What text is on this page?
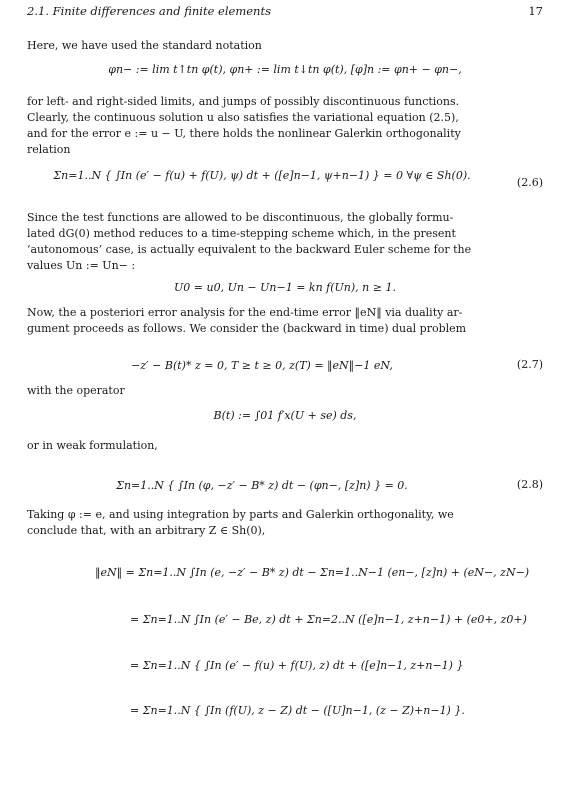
2.1. Finite differences and finite elements	17
Here, we have used the standard notation
φn− := lim t↑tn φ(t), φn+ := lim t↓tn φ(t), [φ]n := φn+ − φn−,
for left- and right-sided limits, and jumps of possibly discontinuous functions.
Clearly, the continuous solution u also satisfies the variational equation (2.5),
and for the error e := u − U, there holds the nonlinear Galerkin orthogonality
relation
Σn=1..N { ∫In (e′ − f(u) + f(U), ψ) dt + ([e]n−1, ψ+n−1) } = 0 ∀ψ ∈ Sh(0).
(2.6)
Since the test functions are allowed to be discontinuous, the globally formu-
lated dG(0) method reduces to a time-stepping scheme which, in the present
‘autonomous’ case, is actually equivalent to the backward Euler scheme for the
values Un := Un− :
U0 = u0, Un − Un−1 = kn f(Un), n ≥ 1.
Now, the a posteriori error analysis for the end-time error ‖eN‖ via duality ar-
gument proceeds as follows. We consider the (backward in time) dual problem
−z′ − B(t)* z = 0, T ≥ t ≥ 0, z(T) = ‖eN‖−1 eN,	(2.7)
with the operator
B(t) := ∫01 f′x(U + se) ds,
or in weak formulation,
Σn=1..N { ∫In (φ, −z′ − B* z) dt − (φn−, [z]n) } = 0.	(2.8)
Taking φ := e, and using integration by parts and Galerkin orthogonality, we
conclude that, with an arbitrary Z ∈ Sh(0),
‖eN‖ = Σn=1..N ∫In (e, −z′ − B* z) dt − Σn=1..N−1 (en−, [z]n) + (eN−, zN−)
= Σn=1..N ∫In (e′ − Be, z) dt + Σn=2..N ([e]n−1, z+n−1) + (e0+, z0+)
= Σn=1..N { ∫In (e′ − f(u) + f(U), z) dt + ([e]n−1, z+n−1) }
= Σn=1..N { ∫In (f(U), z − Z) dt − ([U]n−1, (z − Z)+n−1) }.
